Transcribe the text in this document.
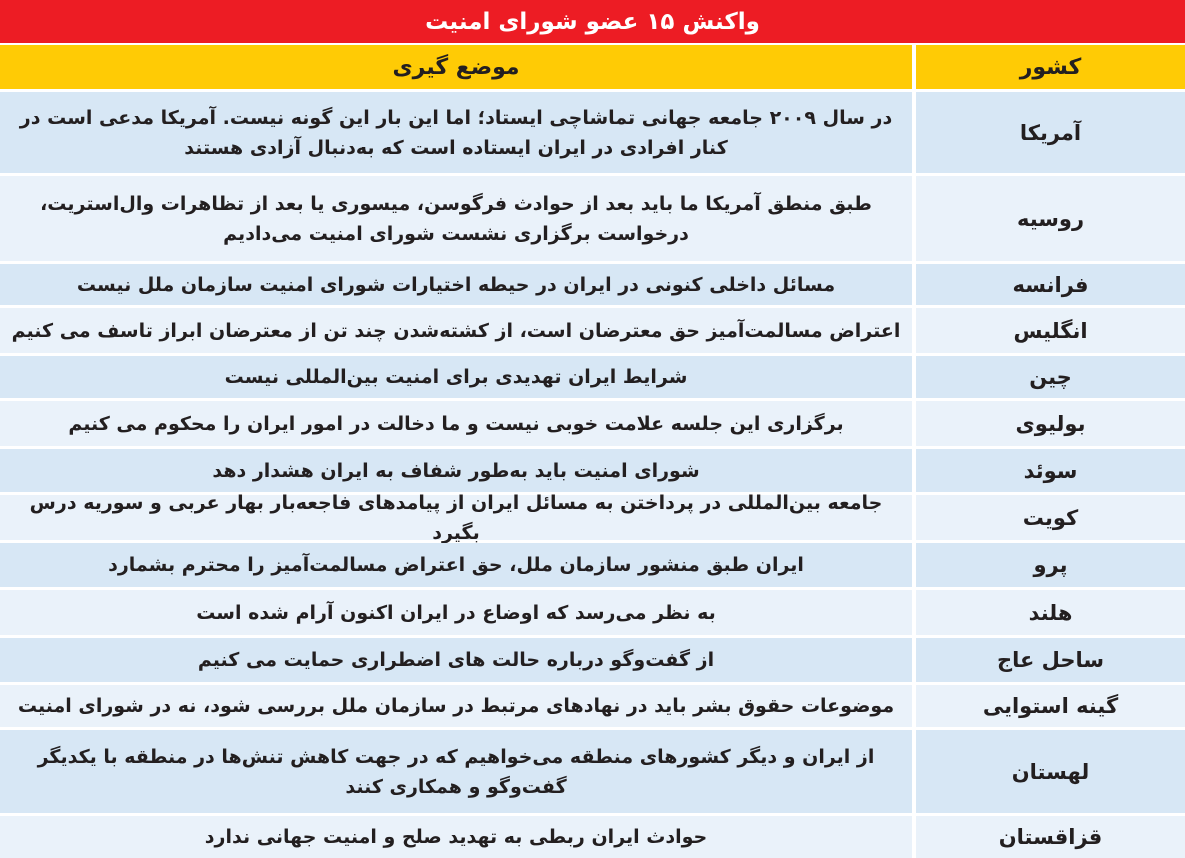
واکنش ۱۵ عضو شورای امنیت
کشور
موضع گیری
آمریکا
در سال ۲۰۰۹ جامعه جهانی تماشاچی ایستاد؛ اما این بار این گونه نیست. آمریکا مدعی است در کنار افرادی در ایران ایستاده است که به‌دنبال آزادی هستند
روسیه
طبق منطق آمریکا ما باید بعد از حوادث فرگوسن، میسوری یا بعد از تظاهرات وال‌استریت، درخواست برگزاری نشست شورای امنیت می‌دادیم
فرانسه
مسائل داخلی کنونی در ایران در حیطه اختیارات شورای امنیت سازمان ملل نیست
انگلیس
اعتراض مسالمت‌آمیز حق معترضان است، از کشته‌شدن چند تن از معترضان ابراز تاسف می کنیم
چین
شرایط ایران تهدیدی برای امنیت بین‌المللی نیست
بولیوی
برگزاری این جلسه علامت خوبی نیست و ما دخالت در امور ایران را محکوم می کنیم
سوئد
شورای امنیت باید به‌طور شفاف به ایران هشدار دهد
کویت
جامعه بین‌المللی در پرداختن به مسائل ایران از پیامدهای فاجعه‌بار بهار عربی و سوریه درس بگیرد
پرو
ایران طبق منشور سازمان ملل، حق اعتراض مسالمت‌آمیز را محترم بشمارد
هلند
به نظر می‌رسد که اوضاع در ایران اکنون آرام شده است
ساحل عاج
از گفت‌وگو درباره حالت های اضطراری حمایت می کنیم
گینه استوایی
موضوعات حقوق بشر باید در نهادهای مرتبط در سازمان ملل بررسی شود، نه در شورای امنیت
لهستان
از ایران و دیگر کشورهای منطقه می‌خواهیم که در جهت کاهش تنش‌ها در منطقه با یکدیگر گفت‌وگو و همکاری کنند
قزاقستان
حوادث ایران ربطی به تهدید صلح و امنیت جهانی ندارد
